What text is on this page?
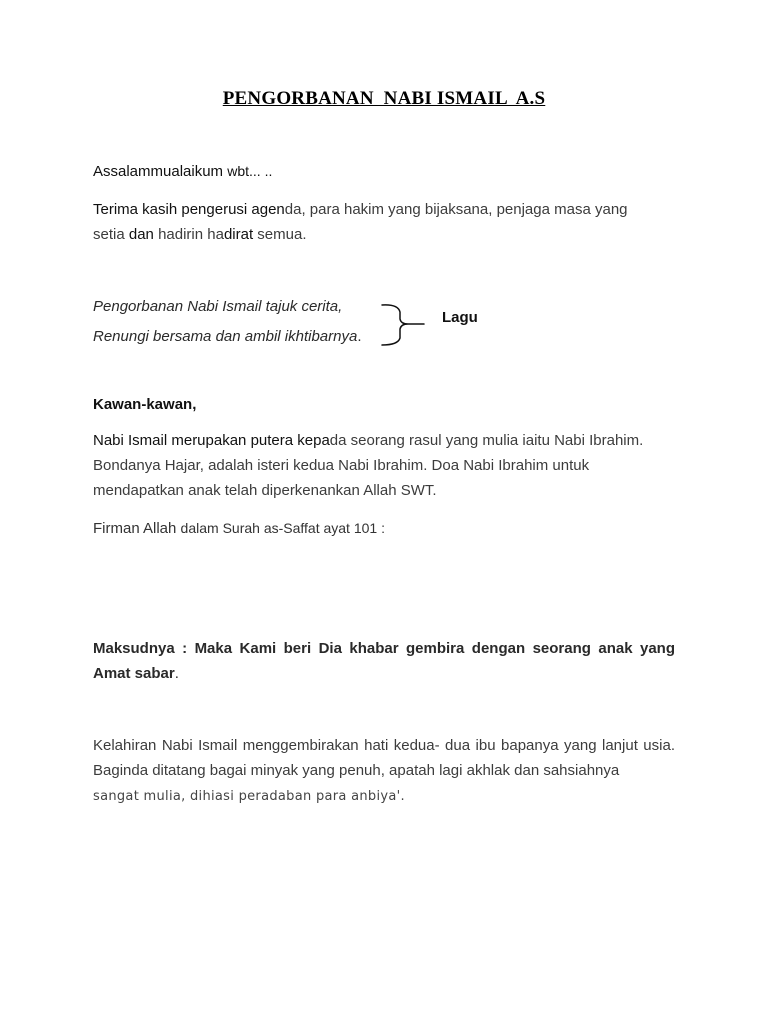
PENGORBANAN  NABI ISMAIL  A.S
Assalammualaikum wbt... ..
Terima kasih pengerusi agenda, para hakim yang bijaksana, penjaga masa yang
setia dan hadirin hadirat semua.
Pengorbanan Nabi Ismail tajuk cerita,
Renungi bersama dan ambil ikhtibarnya.
Lagu
Kawan-kawan,
Nabi Ismail merupakan putera kepada seorang rasul yang mulia iaitu Nabi Ibrahim.
Bondanya Hajar, adalah isteri kedua Nabi Ibrahim. Doa Nabi Ibrahim untuk
mendapatkan anak telah diperkenankan Allah SWT.
Firman Allah dalam Surah as-Saffat ayat 101 :
Maksudnya : Maka Kami beri Dia khabar gembira dengan seorang anak yang Amat sabar.
Kelahiran Nabi Ismail menggembirakan hati kedua- dua ibu bapanya yang lanjut usia. Baginda ditatang bagai minyak yang penuh, apatah lagi akhlak dan sahsiahnya
sangat mulia, dihiasi peradaban para anbiya'.
